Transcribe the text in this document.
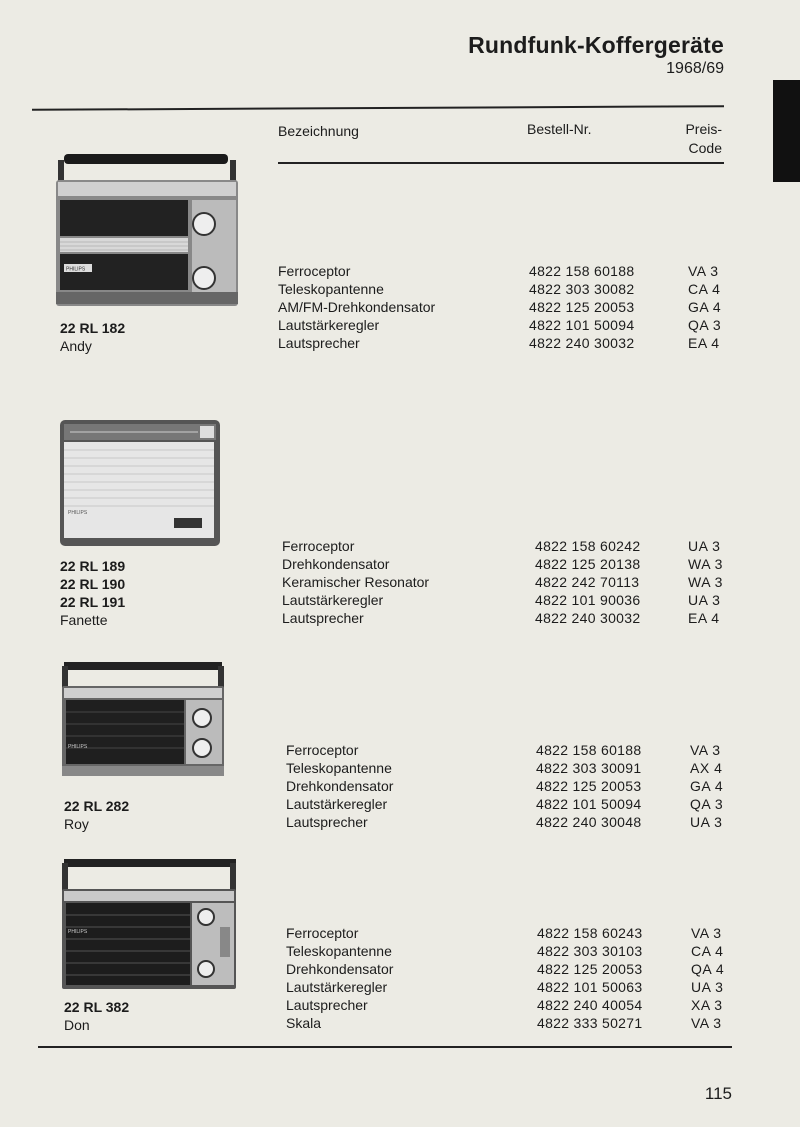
Rundfunk-Koffergeräte
1968/69
Bezeichnung	Bestell-Nr.	Preis-
Code
PHILIPS
22 RL 182
Andy
Ferroceptor	4822 158 60188	VA 3
Teleskopantenne	4822 303 30082	CA 4
AM/FM-Drehkondensator	4822 125 20053	GA 4
Lautstärkeregler	4822 101 50094	QA 3
Lautsprecher	4822 240 30032	EA 4
PHILIPS
22 RL 189
22 RL 190
22 RL 191
Fanette
Ferroceptor	4822 158 60242	UA 3
Drehkondensator	4822 125 20138	WA 3
Keramischer Resonator	4822 242 70113	WA 3
Lautstärkeregler	4822 101 90036	UA 3
Lautsprecher	4822 240 30032	EA 4
PHILIPS
22 RL 282
Roy
Ferroceptor	4822 158 60188	VA 3
Teleskopantenne	4822 303 30091	AX 4
Drehkondensator	4822 125 20053	GA 4
Lautstärkeregler	4822 101 50094	QA 3
Lautsprecher	4822 240 30048	UA 3
PHILIPS
22 RL 382
Don
Ferroceptor	4822 158 60243	VA 3
Teleskopantenne	4822 303 30103	CA 4
Drehkondensator	4822 125 20053	QA 4
Lautstärkeregler	4822 101 50063	UA 3
Lautsprecher	4822 240 40054	XA 3
Skala	4822 333 50271	VA 3
115
